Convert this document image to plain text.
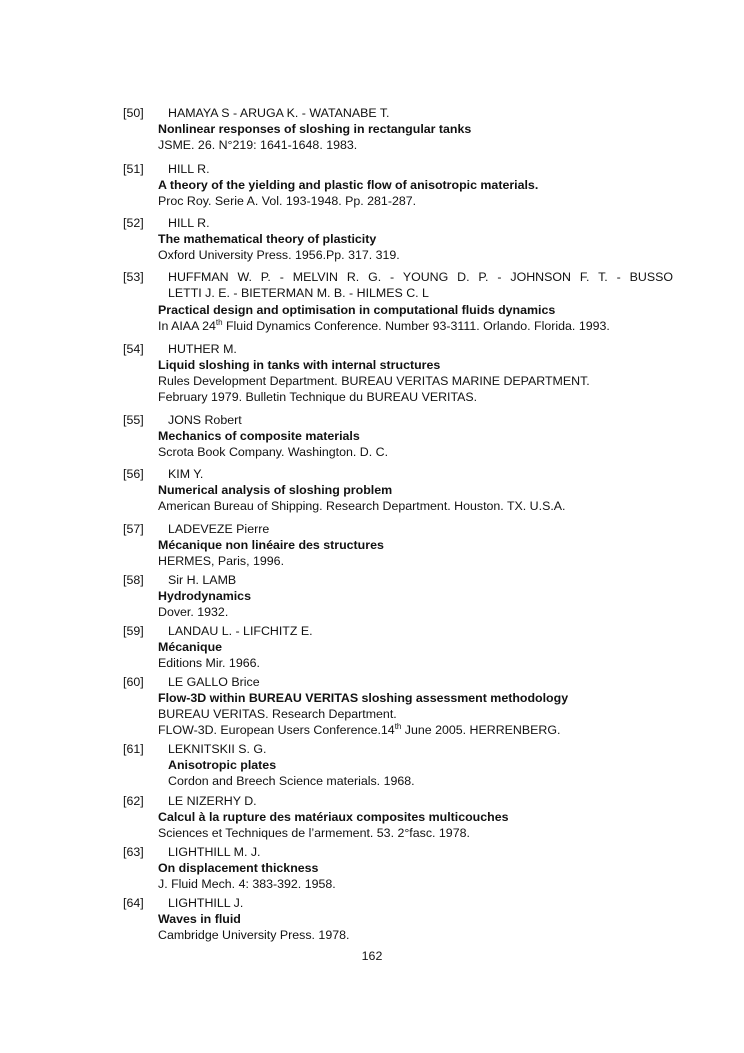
[50] HAMAYA S - ARUGA K. - WATANABE T.
Nonlinear responses of sloshing in rectangular tanks
JSME. 26. N°219: 1641-1648. 1983.
[51] HILL R.
A theory of the yielding and plastic flow of anisotropic materials.
Proc Roy. Serie A. Vol. 193-1948. Pp. 281-287.
[52] HILL R.
The mathematical theory of plasticity
Oxford University Press. 1956.Pp. 317. 319.
[53] HUFFMAN W. P. - MELVIN R. G. - YOUNG D. P. - JOHNSON F. T. - BUSSO
LETTI J. E. - BIETERMAN M. B. - HILMES C. L
Practical design and optimisation in computational fluids dynamics
In AIAA 24th Fluid Dynamics Conference. Number 93-3111. Orlando. Florida. 1993.
[54] HUTHER M.
Liquid sloshing in tanks with internal structures
Rules Development Department. BUREAU VERITAS MARINE DEPARTMENT.
February 1979. Bulletin Technique du BUREAU VERITAS.
[55] JONS Robert
Mechanics of composite materials
Scrota Book Company. Washington. D. C.
[56] KIM Y.
Numerical analysis of sloshing problem
American Bureau of Shipping. Research Department. Houston. TX. U.S.A.
[57] LADEVEZE Pierre
Mécanique non linéaire des structures
HERMES, Paris, 1996.
[58] Sir H. LAMB
Hydrodynamics
Dover. 1932.
[59] LANDAU L. - LIFCHITZ E.
Mécanique
Editions Mir. 1966.
[60] LE GALLO Brice
Flow-3D within BUREAU VERITAS sloshing assessment methodology
BUREAU VERITAS. Research Department.
FLOW-3D. European Users Conference.14th June 2005. HERRENBERG.
[61] LEKNITSKII S. G.
Anisotropic plates
Cordon and Breech Science materials. 1968.
[62] LE NIZERHY D.
Calcul à la rupture des matériaux composites multicouches
Sciences et Techniques de l’armement. 53. 2°fasc. 1978.
[63] LIGHTHILL M. J.
On displacement thickness
J. Fluid Mech. 4: 383-392. 1958.
[64] LIGHTHILL J.
Waves in fluid
Cambridge University Press. 1978.
162
